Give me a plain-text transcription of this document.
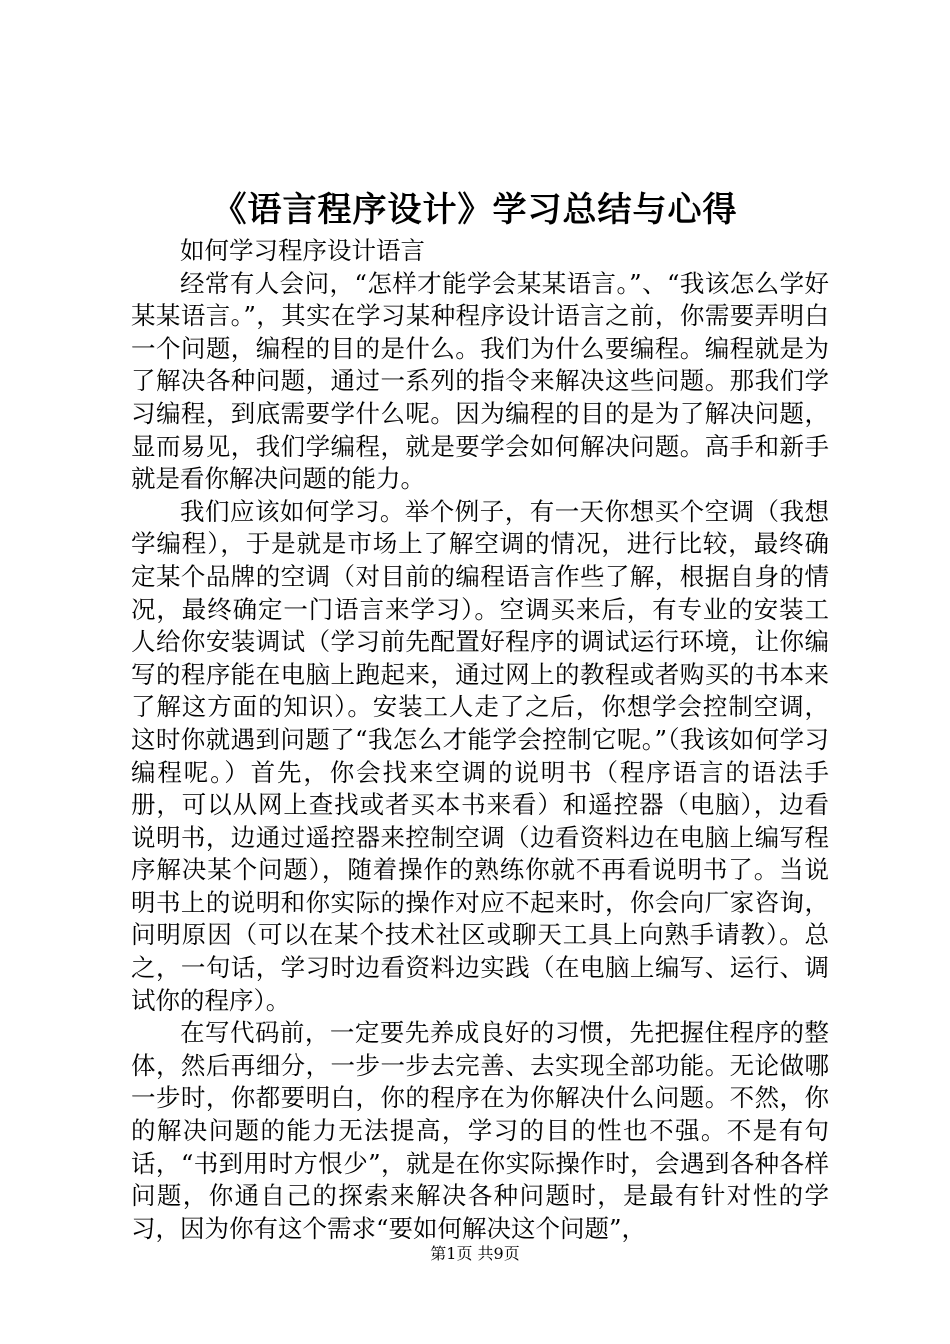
《语言程序设计》学习总结与心得

如何学习程序设计语言

经常有人会问，“怎样才能学会某某语言。”、“我该怎么学好某某语言。”，其实在学习某种程序设计语言之前，你需要弄明白一个问题，编程的目的是什么。我们为什么要编程。编程就是为了解决各种问题，通过一系列的指令来解决这些问题。那我们学习编程，到底需要学什么呢。因为编程的目的是为了解决问题，显而易见，我们学编程，就是要学会如何解决问题。高手和新手就是看你解决问题的能力。

我们应该如何学习。举个例子，有一天你想买个空调（我想学编程），于是就是市场上了解空调的情况，进行比较，最终确定某个品牌的空调（对目前的编程语言作些了解，根据自身的情况，最终确定一门语言来学习）。空调买来后，有专业的安装工人给你安装调试（学习前先配置好程序的调试运行环境，让你编写的程序能在电脑上跑起来，通过网上的教程或者购买的书本来了解这方面的知识）。安装工人走了之后，你想学会控制空调，这时你就遇到问题了“我怎么才能学会控制它呢。”（我该如何学习编程呢。）首先，你会找来空调的说明书（程序语言的语法手册，可以从网上查找或者买本书来看）和遥控器（电脑），边看说明书，边通过遥控器来控制空调（边看资料边在电脑上编写程序解决某个问题），随着操作的熟练你就不再看说明书了。当说明书上的说明和你实际的操作对应不起来时，你会向厂家咨询，问明原因（可以在某个技术社区或聊天工具上向熟手请教）。总之，一句话，学习时边看资料边实践（在电脑上编写、运行、调试你的程序）。

在写代码前，一定要先养成良好的习惯，先把握住程序的整体，然后再细分，一步一步去完善、去实现全部功能。无论做哪一步时，你都要明白，你的程序在为你解决什么问题。不然，你的解决问题的能力无法提高，学习的目的性也不强。不是有句话，“书到用时方恨少”，就是在你实际操作时，会遇到各种各样问题，你通自己的探索来解决各种问题时，是最有针对性的学习，因为你有这个需求“要如何解决这个问题”，

第1页 共9页
